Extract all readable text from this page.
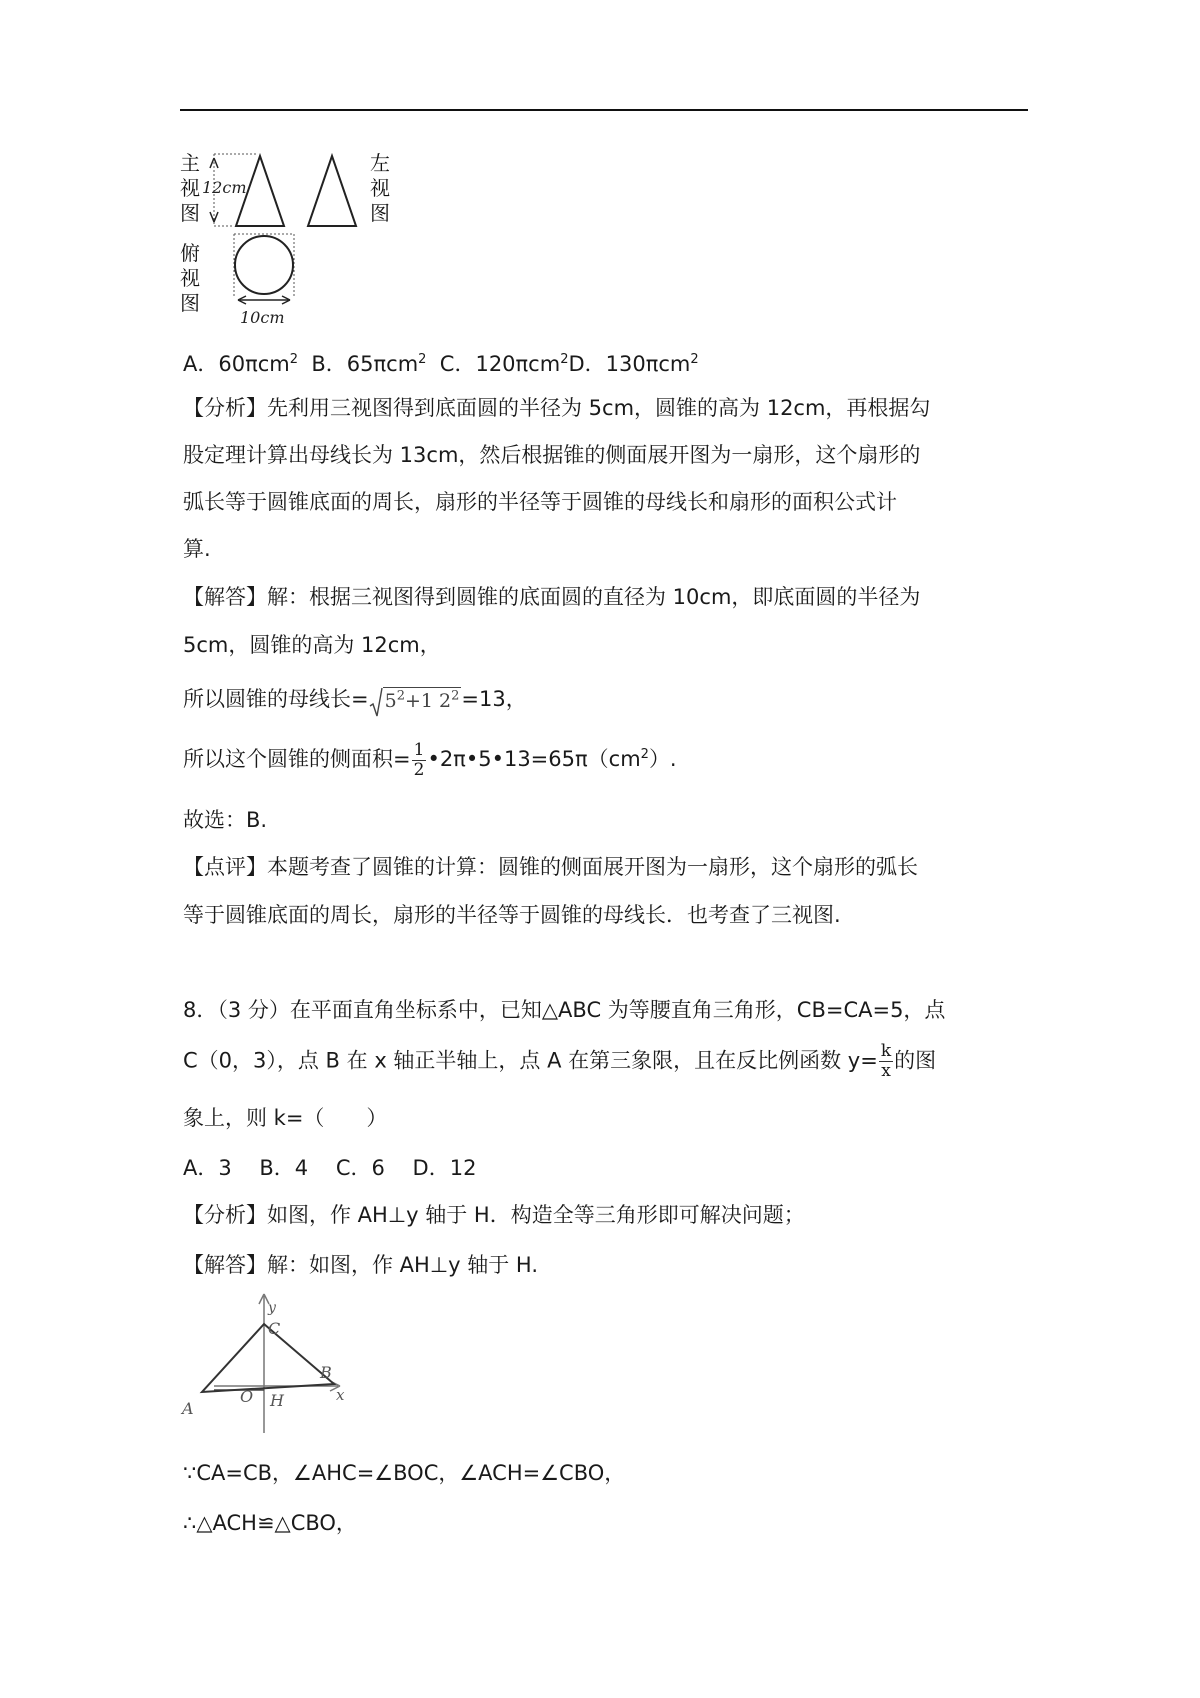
主
视
图
12cm
左
视
图
俯
视
图
10cm
A．60πcm$^2$ B．65πcm$^2$ C．120πcm$^2$D．130πcm$^2$
【分析】先利用三视图得到底面圆的半径为 5cm，圆锥的高为 12cm，再根据勾
股定理计算出母线长为 13cm，然后根据锥的侧面展开图为一扇形，这个扇形的
弧长等于圆锥底面的周长，扇形的半径等于圆锥的母线长和扇形的面积公式计
算.
【解答】解：根据三视图得到圆锥的底面圆的直径为 10cm，即底面圆的半径为
5cm，圆锥的高为 12cm，
所以圆锥的母线长= $5^2+1$ $2^2=13$，
所以这个圆锥的侧面积= $\frac{1}{2}$ $•2\pi•5•13=65\pi(cm^2)$.
故选：B.
【点评】本题考查了圆锥的计算：圆锥的侧面展开图为一扇形，这个扇形的弧长
等于圆锥底面的周长，扇形的半径等于圆锥的母线长．也考查了三视图.
8．（3 分）在平面直角坐标系中，已知△ABC 为等腰直角三角形，CB=CA=5，点
C（0，3），点 B 在 x 轴正半轴上，点 A 在第三象限，且在反比例函数 $y= \frac{k}{x}$ 的图
象上，则 k=（　　）
A．3　 B．4　 C．6　 D．12
【分析】如图，作 AH⊥y 轴于 H．构造全等三角形即可解决问题；
【解答】解：如图，作 AH⊥y 轴于 H.
y
C
B
x
A
O H
∵CA=CB，∠AHC=∠BOC，∠ACH=∠CBO，
∴△ACH≌△CBO，
